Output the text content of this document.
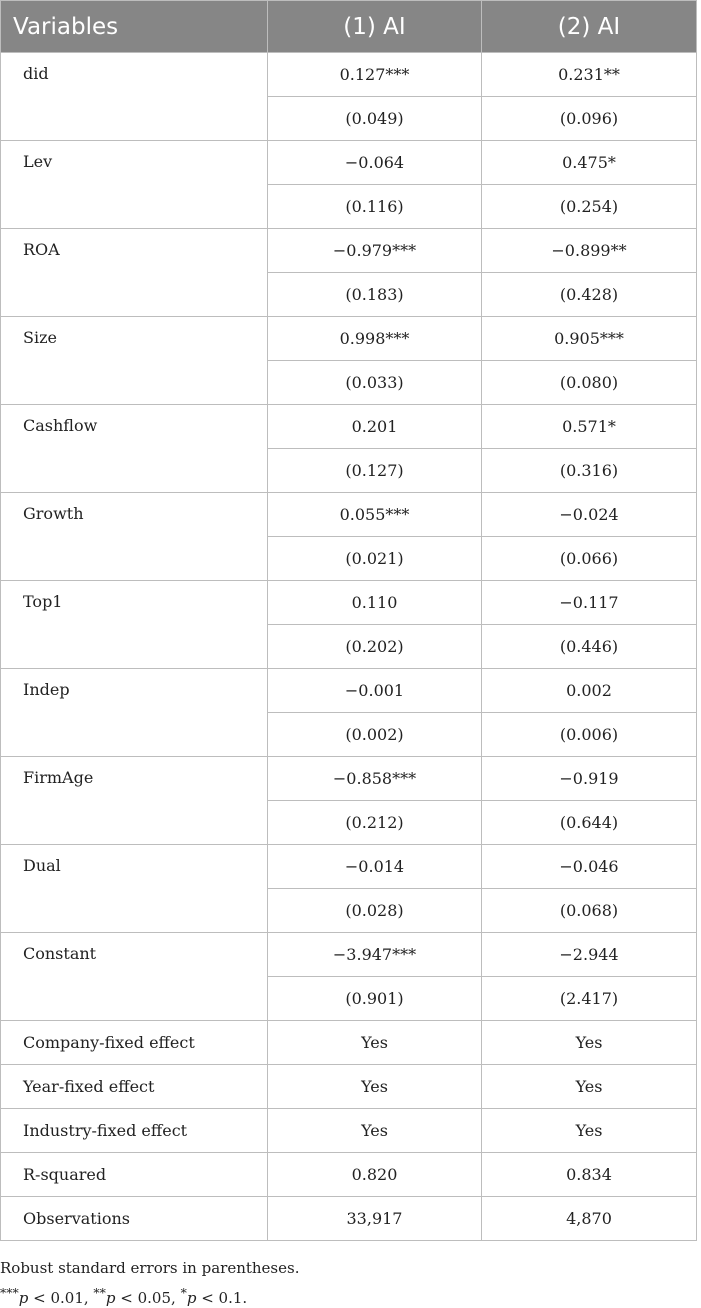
Variables	(1) AI	(2) AI
did	0.127***	0.231**
	(0.049)	(0.096)
Lev	−0.064	0.475*
	(0.116)	(0.254)
ROA	−0.979***	−0.899**
	(0.183)	(0.428)
Size	0.998***	0.905***
	(0.033)	(0.080)
Cashflow	0.201	0.571*
	(0.127)	(0.316)
Growth	0.055***	−0.024
	(0.021)	(0.066)
Top1	0.110	−0.117
	(0.202)	(0.446)
Indep	−0.001	0.002
	(0.002)	(0.006)
FirmAge	−0.858***	−0.919
	(0.212)	(0.644)
Dual	−0.014	−0.046
	(0.028)	(0.068)
Constant	−3.947***	−2.944
	(0.901)	(2.417)
Company-fixed effect	Yes	Yes
Year-fixed effect	Yes	Yes
Industry-fixed effect	Yes	Yes
R-squared	0.820	0.834
Observations	33,917	4,870
Robust standard errors in parentheses.
***p < 0.01, **p < 0.05, *p < 0.1.
